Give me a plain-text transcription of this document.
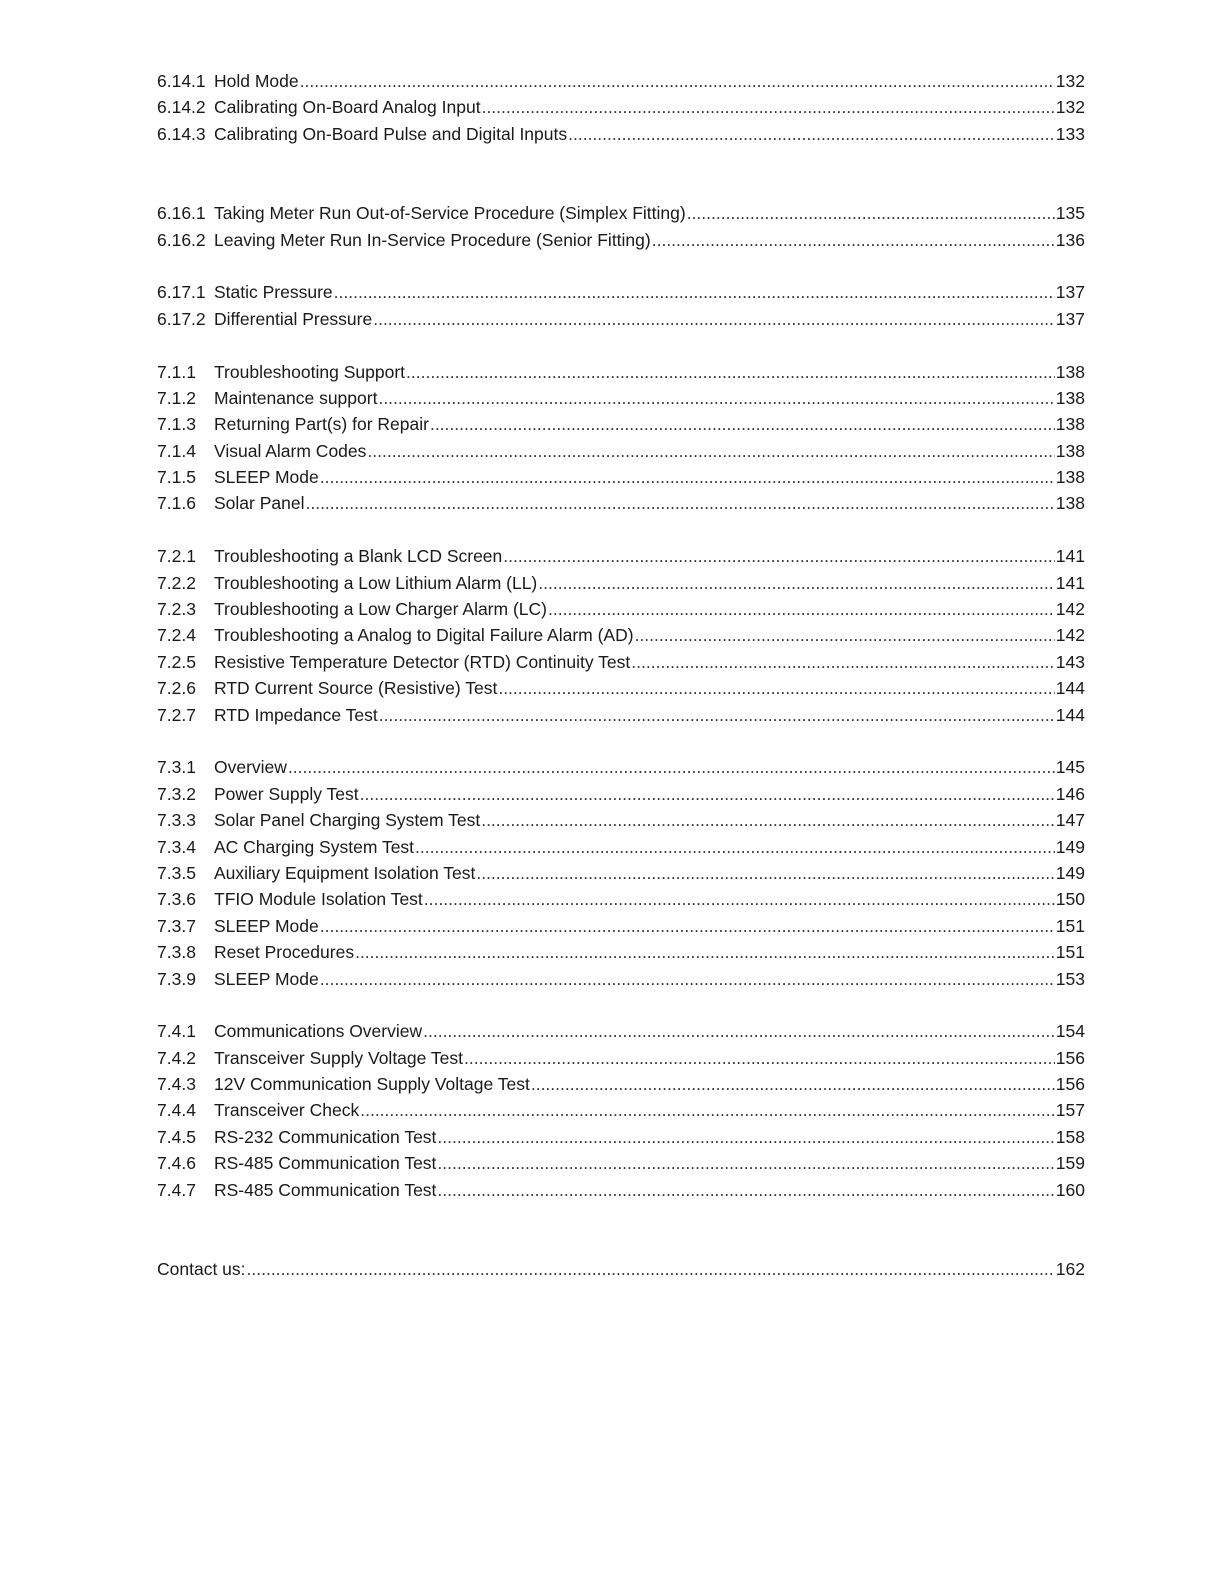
6.14.1 Hold Mode .....	132
6.14.2 Calibrating On-Board Analog Input .....	132
6.14.3 Calibrating On-Board Pulse and Digital Inputs .....	133
6.16.1 Taking Meter Run Out-of-Service Procedure (Simplex Fitting) .....	135
6.16.2 Leaving Meter Run In-Service Procedure (Senior Fitting) .....	136
6.17.1 Static Pressure .....	137
6.17.2 Differential Pressure .....	137
7.1.1	Troubleshooting Support .....	138
7.1.2	Maintenance support .....	138
7.1.3	Returning Part(s) for Repair .....	138
7.1.4	Visual Alarm Codes .....	138
7.1.5	SLEEP Mode .....	138
7.1.6	Solar Panel .....	138
7.2.1	Troubleshooting a Blank LCD Screen .....	141
7.2.2	Troubleshooting a Low Lithium Alarm (LL) .....	141
7.2.3	Troubleshooting a Low Charger Alarm (LC) .....	142
7.2.4	Troubleshooting a Analog to Digital Failure Alarm (AD) .....	142
7.2.5	Resistive Temperature Detector (RTD) Continuity Test .....	143
7.2.6	RTD Current Source (Resistive) Test .....	144
7.2.7	RTD Impedance Test .....	144
7.3.1	Overview .....	145
7.3.2	Power Supply Test .....	146
7.3.3	Solar Panel Charging System Test .....	147
7.3.4	AC Charging System Test .....	149
7.3.5	Auxiliary Equipment Isolation Test .....	149
7.3.6	TFIO Module Isolation Test .....	150
7.3.7	SLEEP Mode .....	151
7.3.8	Reset Procedures .....	151
7.3.9	SLEEP Mode .....	153
7.4.1	Communications Overview .....	154
7.4.2	Transceiver Supply Voltage Test .....	156
7.4.3	12V Communication Supply Voltage Test .....	156
7.4.4	Transceiver Check .....	157
7.4.5	RS-232 Communication Test .....	158
7.4.6	RS-485 Communication Test .....	159
7.4.7	RS-485 Communication Test .....	160
Contact us: .....	162
